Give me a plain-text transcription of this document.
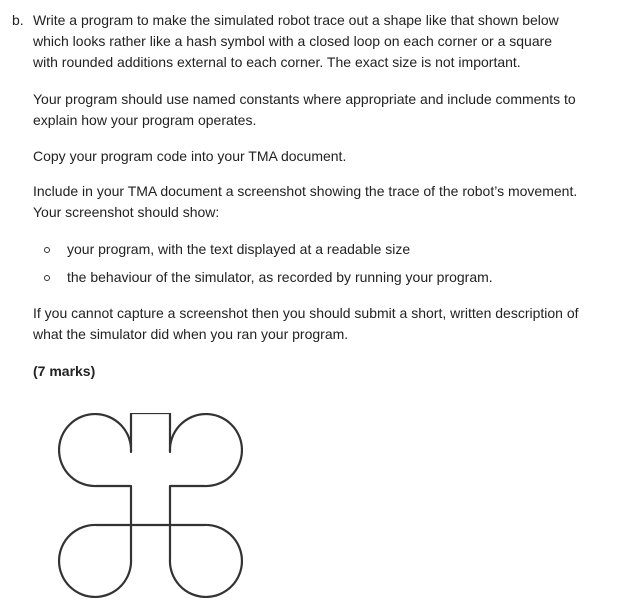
b. Write a program to make the simulated robot trace out a shape like that shown below
which looks rather like a hash symbol with a closed loop on each corner or a square
with rounded additions external to each corner. The exact size is not important.

Your program should use named constants where appropriate and include comments to
explain how your program operates.

Copy your program code into your TMA document.

Include in your TMA document a screenshot showing the trace of the robot’s movement.
Your screenshot should show:

your program, with the text displayed at a readable size
the behaviour of the simulator, as recorded by running your program.

If you cannot capture a screenshot then you should submit a short, written description of
what the simulator did when you ran your program.

(7 marks)
